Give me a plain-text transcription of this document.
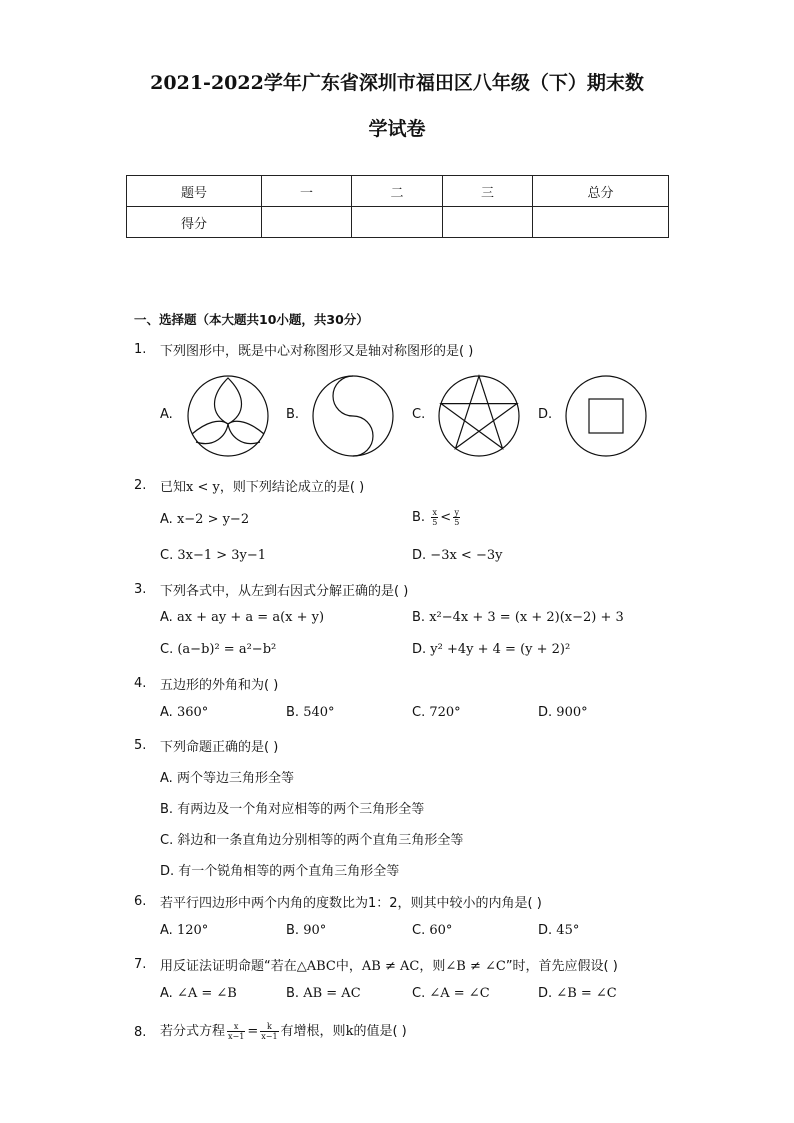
2021-2022学年广东省深圳市福田区八年级（下）期末数
学试卷
题号	一	二	三	总分
得分				
一、选择题（本大题共10小题，共30分）
1. 下列图形中，既是中心对称图形又是轴对称图形的是( )
A.	B.	C.	D.
2. 已知x < y，则下列结论成立的是( )
A. x−2 > y−2	B. $\frac{x}{5} < \frac{y}{5}$
C. 3x−1 > 3y−1	D. −3x < −3y
3. 下列各式中，从左到右因式分解正确的是( )
A. ax + ay + a = a(x + y)	B. x²−4x + 3 = (x + 2)(x−2) + 3
C. (a−b)² = a²−b²	D. y² +4y + 4 = (y + 2)²
4. 五边形的外角和为( )
A. 360°	B. 540°	C. 720°	D. 900°
5. 下列命题正确的是( )
A. 两个等边三角形全等
B. 有两边及一个角对应相等的两个三角形全等
C. 斜边和一条直角边分别相等的两个直角三角形全等
D. 有一个锐角相等的两个直角三角形全等
6. 若平行四边形中两个内角的度数比为1：2，则其中较小的内角是( )
A. 120°	B. 90°	C. 60°	D. 45°
7. 用反证法证明命题“若在△ABC中，AB ≠ AC，则∠B ≠ ∠C”时，首先应假设( )
A. ∠A = ∠B	B. AB = AC	C. ∠A = ∠C	D. ∠B = ∠C
8. 若分式方程 $\frac{x}{x-1} = \frac{k}{x-1}$ 有增根，则k的值是( )
